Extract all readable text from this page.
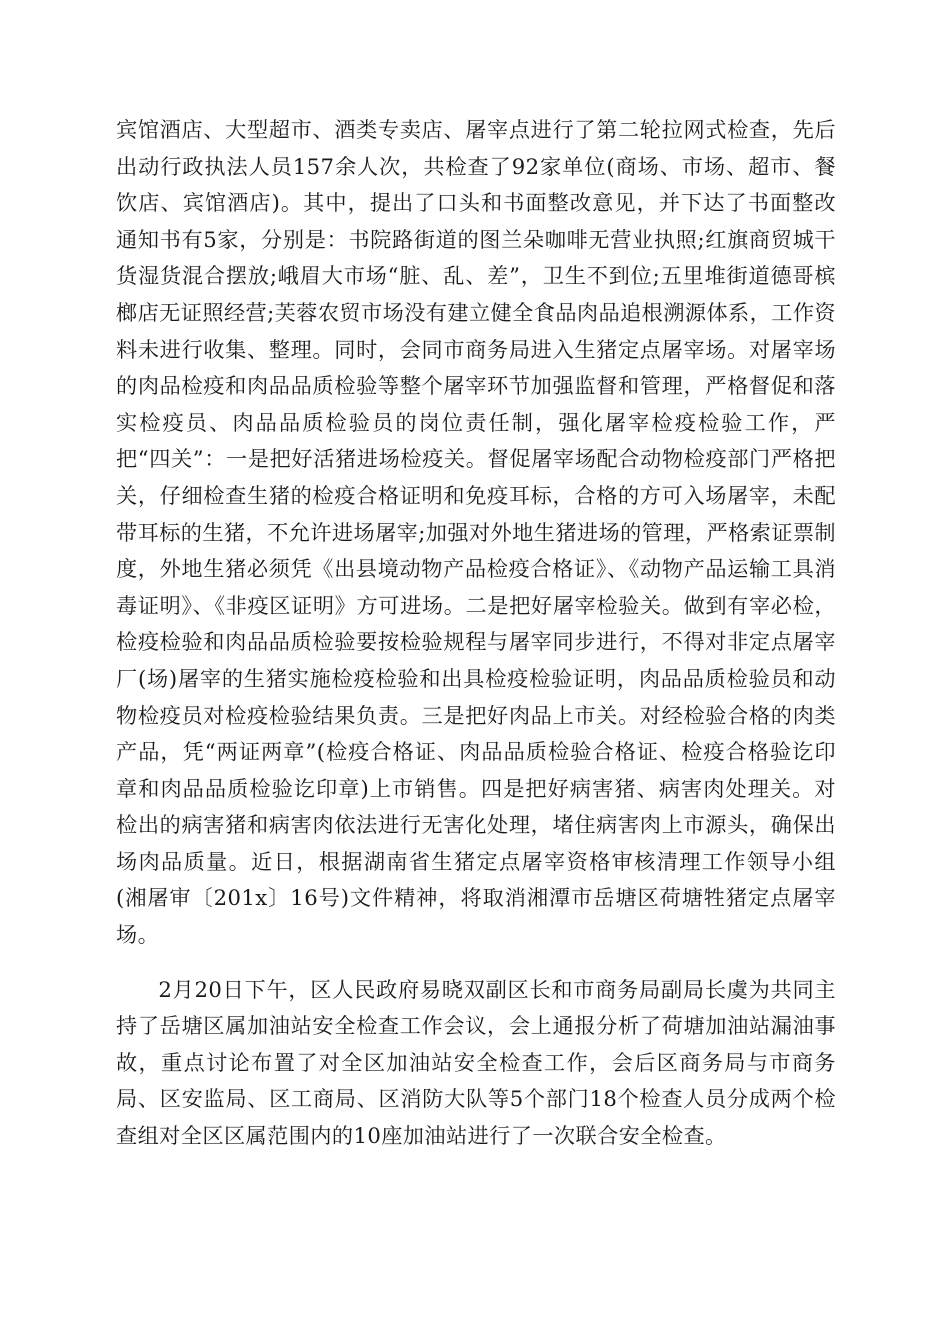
宾馆酒店、大型超市、酒类专卖店、屠宰点进行了第二轮拉网式检查，先后出动行政执法人员157余人次，共检查了92家单位(商场、市场、超市、餐饮店、宾馆酒店)。其中，提出了口头和书面整改意见，并下达了书面整改通知书有5家，分别是：书院路街道的图兰朵咖啡无营业执照;红旗商贸城干货湿货混合摆放;峨眉大市场“脏、乱、差”，卫生不到位;五里堆街道德哥槟榔店无证照经营;芙蓉农贸市场没有建立健全食品肉品追根溯源体系，工作资料未进行收集、整理。同时，会同市商务局进入生猪定点屠宰场。对屠宰场的肉品检疫和肉品品质检验等整个屠宰环节加强监督和管理，严格督促和落实检疫员、肉品品质检验员的岗位责任制，强化屠宰检疫检验工作，严把“四关”：一是把好活猪进场检疫关。督促屠宰场配合动物检疫部门严格把关，仔细检查生猪的检疫合格证明和免疫耳标，合格的方可入场屠宰，未配带耳标的生猪，不允许进场屠宰;加强对外地生猪进场的管理，严格索证票制度，外地生猪必须凭《出县境动物产品检疫合格证》、《动物产品运输工具消毒证明》、《非疫区证明》方可进场。二是把好屠宰检验关。做到有宰必检，检疫检验和肉品品质检验要按检验规程与屠宰同步进行，不得对非定点屠宰厂(场)屠宰的生猪实施检疫检验和出具检疫检验证明，肉品品质检验员和动物检疫员对检疫检验结果负责。三是把好肉品上市关。对经检验合格的肉类产品，凭“两证两章”(检疫合格证、肉品品质检验合格证、检疫合格验讫印章和肉品品质检验讫印章)上市销售。四是把好病害猪、病害肉处理关。对检出的病害猪和病害肉依法进行无害化处理，堵住病害肉上市源头，确保出场肉品质量。近日，根据湖南省生猪定点屠宰资格审核清理工作领导小组(湘屠审〔201x〕16号)文件精神，将取消湘潭市岳塘区荷塘牲猪定点屠宰场。

2月20日下午，区人民政府易晓双副区长和市商务局副局长虞为共同主持了岳塘区属加油站安全检查工作会议，会上通报分析了荷塘加油站漏油事故，重点讨论布置了对全区加油站安全检查工作，会后区商务局与市商务局、区安监局、区工商局、区消防大队等5个部门18个检查人员分成两个检查组对全区区属范围内的10座加油站进行了一次联合安全检查。
